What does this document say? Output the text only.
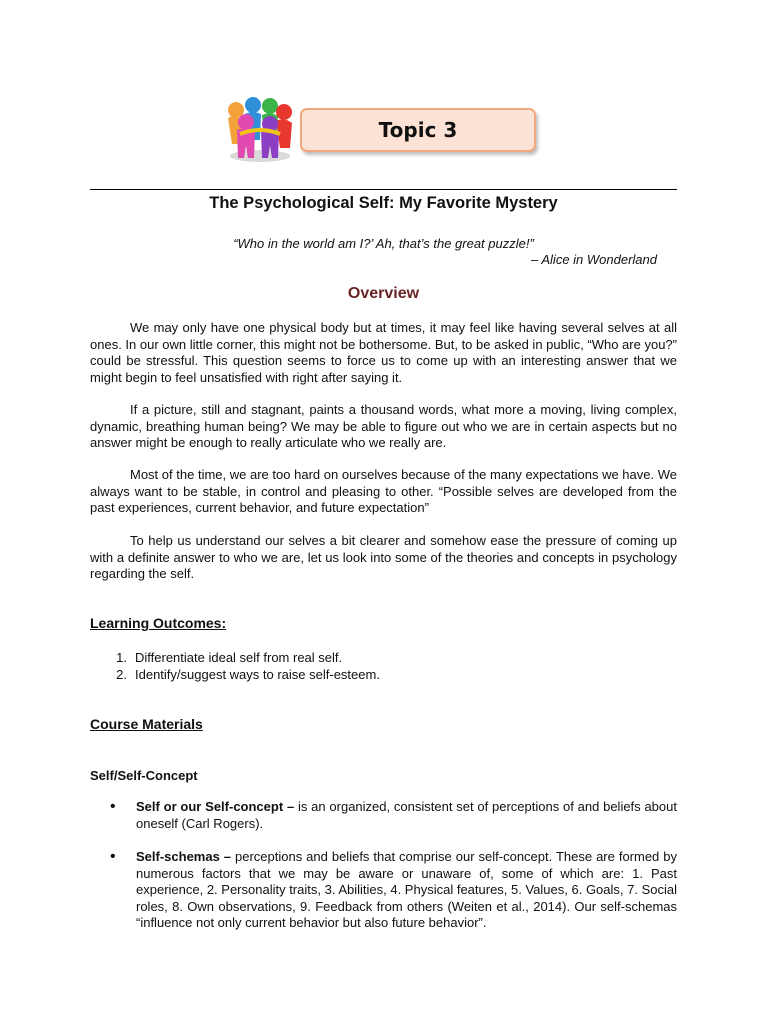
Topic 3
The Psychological Self: My Favorite Mystery
“Who in the world am I?’ Ah, that’s the great puzzle!”
– Alice in Wonderland
Overview

We may only have one physical body but at times, it may feel like having several selves at all ones. In our own little corner, this might not be bothersome. But, to be asked in public, “Who are you?” could be stressful. This question seems to force us to come up with an interesting answer that we might begin to feel unsatisfied with right after saying it.

If a picture, still and stagnant, paints a thousand words, what more a moving, living complex, dynamic, breathing human being? We may be able to figure out who we are in certain aspects but no answer might be enough to really articulate who we really are.

Most of the time, we are too hard on ourselves because of the many expectations we have. We always want to be stable, in control and pleasing to other. “Possible selves are developed from the past experiences, current behavior, and future expectation”

To help us understand our selves a bit clearer and somehow ease the pressure of coming up with a definite answer to who we are, let us look into some of the theories and concepts in psychology regarding the self.

Learning Outcomes:
1. Differentiate ideal self from real self.
2. Identify/suggest ways to raise self-esteem.
Course Materials
Self/Self-Concept
•	Self or our Self-concept – is an organized, consistent set of perceptions of and beliefs about oneself (Carl Rogers).
•	Self-schemas – perceptions and beliefs that comprise our self-concept. These are formed by numerous factors that we may be aware or unaware of, some of which are: 1. Past experience, 2. Personality traits, 3. Abilities, 4. Physical features, 5. Values, 6. Goals, 7. Social roles, 8. Own observations, 9. Feedback from others (Weiten et al., 2014). Our self-schemas “influence not only current behavior but also future behavior”.
